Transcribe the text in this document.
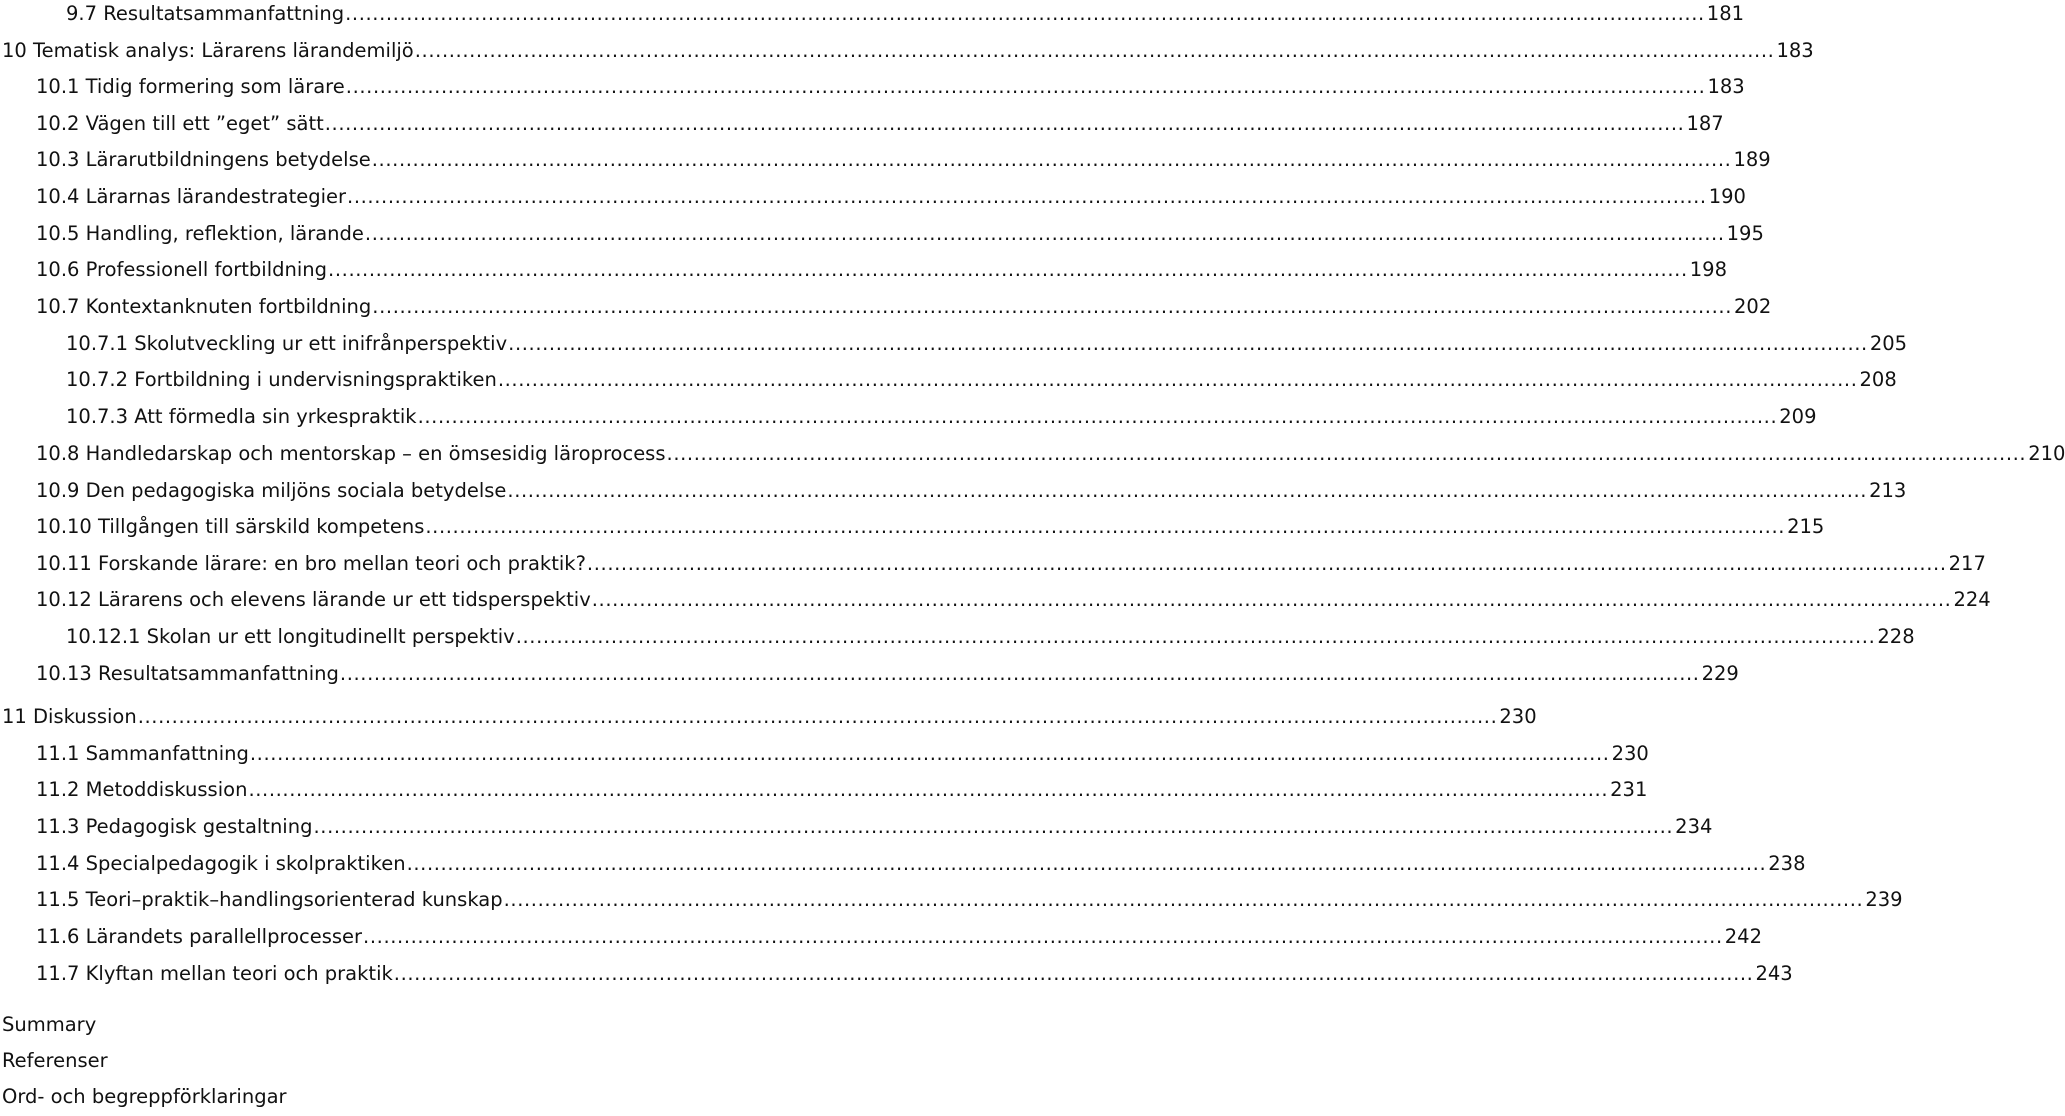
9.7 Resultatsammanfattning ........................................................................................................................................................................................................ 181
10 Tematisk analys: Lärarens lärandemiljö ........................................................................................................................................................................................................ 183
10.1 Tidig formering som lärare ........................................................................................................................................................................................................ 183
10.2 Vägen till ett ”eget” sätt ........................................................................................................................................................................................................ 187
10.3 Lärarutbildningens betydelse ........................................................................................................................................................................................................ 189
10.4 Lärarnas lärandestrategier ........................................................................................................................................................................................................ 190
10.5 Handling, reflektion, lärande ........................................................................................................................................................................................................ 195
10.6 Professionell fortbildning ........................................................................................................................................................................................................ 198
10.7 Kontextanknuten fortbildning ........................................................................................................................................................................................................ 202
10.7.1 Skolutveckling ur ett inifrånperspektiv ........................................................................................................................................................................................................ 205
10.7.2 Fortbildning i undervisningspraktiken ........................................................................................................................................................................................................ 208
10.7.3 Att förmedla sin yrkespraktik ........................................................................................................................................................................................................ 209
10.8 Handledarskap och mentorskap – en ömsesidig läroprocess ........................................................................................................................................................................................................ 210
10.9 Den pedagogiska miljöns sociala betydelse ........................................................................................................................................................................................................ 213
10.10 Tillgången till särskild kompetens ........................................................................................................................................................................................................ 215
10.11 Forskande lärare: en bro mellan teori och praktik? ........................................................................................................................................................................................................ 217
10.12 Lärarens och elevens lärande ur ett tidsperspektiv ........................................................................................................................................................................................................ 224
10.12.1 Skolan ur ett longitudinellt perspektiv ........................................................................................................................................................................................................ 228
10.13 Resultatsammanfattning ........................................................................................................................................................................................................ 229
11 Diskussion ........................................................................................................................................................................................................ 230
11.1 Sammanfattning ........................................................................................................................................................................................................ 230
11.2 Metoddiskussion ........................................................................................................................................................................................................ 231
11.3 Pedagogisk gestaltning ........................................................................................................................................................................................................ 234
11.4 Specialpedagogik i skolpraktiken ........................................................................................................................................................................................................ 238
11.5 Teori–praktik–handlingsorienterad kunskap ........................................................................................................................................................................................................ 239
11.6 Lärandets parallellprocesser ........................................................................................................................................................................................................ 242
11.7 Klyftan mellan teori och praktik ........................................................................................................................................................................................................ 243
Summary
Referenser
Ord- och begreppförklaringar
